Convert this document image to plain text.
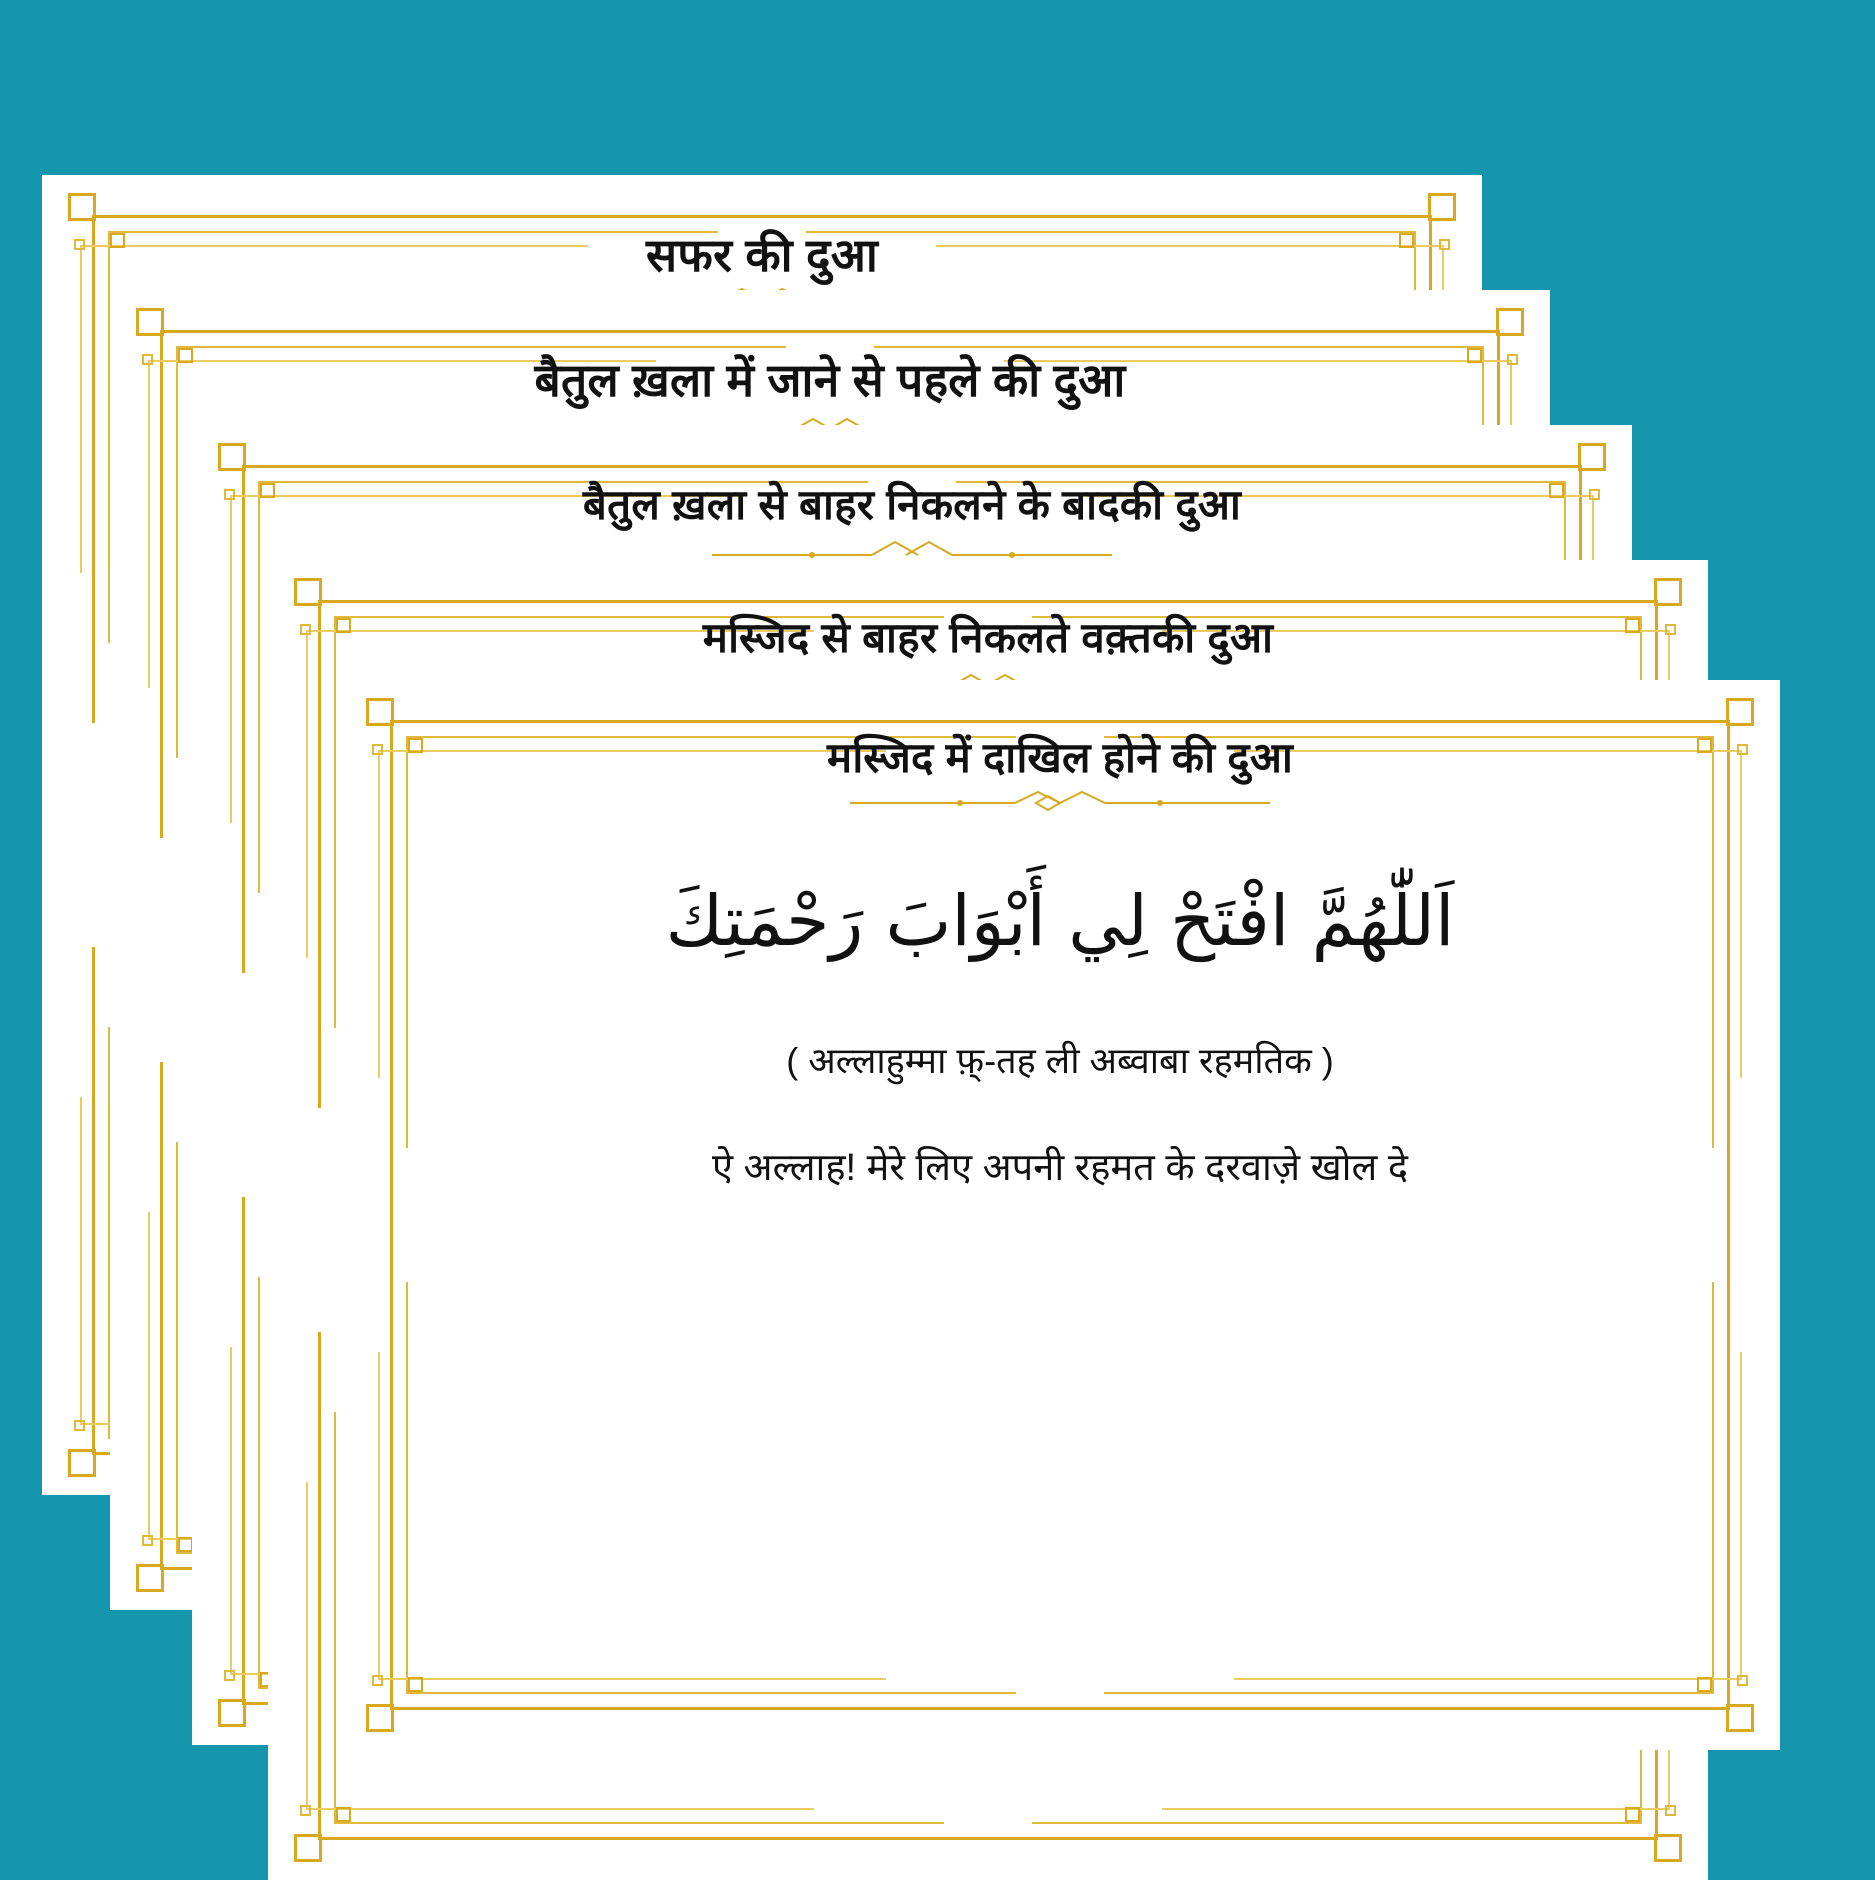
सफर की दुआ
बैतुल ख़ला में जाने से पहले की दुआ
बैतुल ख़ला से बाहर निकलने के बादकी दुआ
मस्जिद से बाहर निकलते वक़्तकी दुआ
मस्जिद में दाखिल होने की दुआ
اَللّٰهُمَّ افْتَحْ لِي أَبْوَابَ رَحْمَتِكَ
( अल्लाहुम्मा फ़्-तह ली अब्वाबा रहमतिक )
ऐ अल्लाह! मेरे लिए अपनी रहमत के दरवाज़े खोल दे
